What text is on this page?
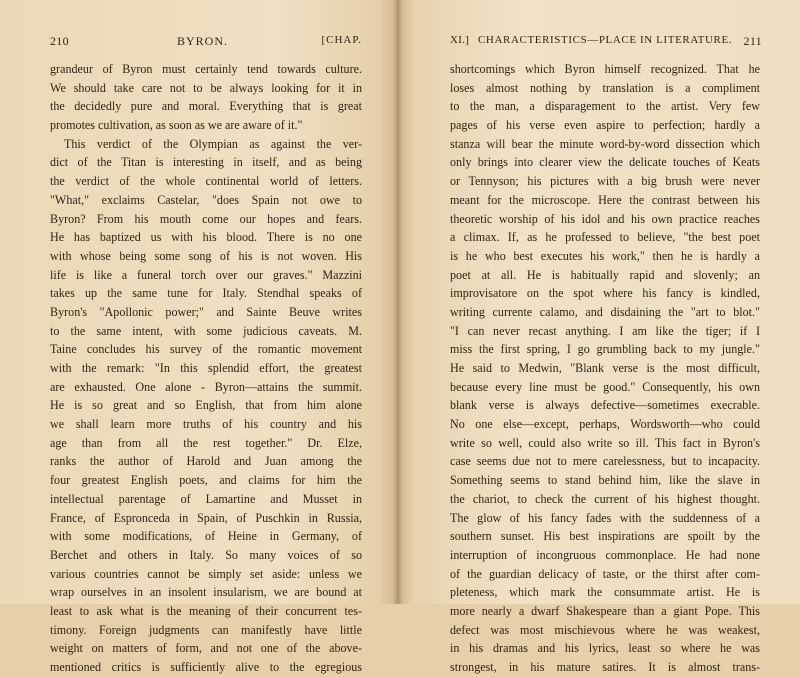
210	BYRON.	[CHAP.
grandeur of Byron must certainly tend towards culture.
We should take care not to be always looking for it in
the decidedly pure and moral. Everything that is great
promotes cultivation, as soon as we are aware of it."
This verdict of the Olympian as against the ver-
dict of the Titan is interesting in itself, and as being
the verdict of the whole continental world of letters.
"What," exclaims Castelar, "does Spain not owe to
Byron? From his mouth come our hopes and fears.
He has baptized us with his blood. There is no one
with whose being some song of his is not woven. His
life is like a funeral torch over our graves." Mazzini
takes up the same tune for Italy. Stendhal speaks of
Byron's "Apollonic power;" and Sainte Beuve writes
to the same intent, with some judicious caveats. M.
Taine concludes his survey of the romantic movement
with the remark: "In this splendid effort, the greatest
are exhausted. One alone - Byron—attains the summit.
He is so great and so English, that from him alone
we shall learn more truths of his country and his
age than from all the rest together." Dr. Elze,
ranks the author of Harold and Juan among the
four greatest English poets, and claims for him the
intellectual parentage of Lamartine and Musset in
France, of Espronceda in Spain, of Puschkin in Russia,
with some modifications, of Heine in Germany, of
Berchet and others in Italy. So many voices of so
various countries cannot be simply set aside: unless we
wrap ourselves in an insolent insularism, we are bound at
least to ask what is the meaning of their concurrent tes-
timony. Foreign judgments can manifestly have little
weight on matters of form, and not one of the above-
mentioned critics is sufficiently alive to the egregious
XI.] CHARACTERISTICS—PLACE IN LITERATURE. 211
shortcomings which Byron himself recognized. That he
loses almost nothing by translation is a compliment
to the man, a disparagement to the artist. Very few
pages of his verse even aspire to perfection; hardly a
stanza will bear the minute word-by-word dissection which
only brings into clearer view the delicate touches of Keats
or Tennyson; his pictures with a big brush were never
meant for the microscope. Here the contrast between his
theoretic worship of his idol and his own practice reaches
a climax. If, as he professed to believe, "the best poet
is he who best executes his work," then he is hardly a
poet at all. He is habitually rapid and slovenly; an
improvisatore on the spot where his fancy is kindled,
writing currente calamo, and disdaining the "art to blot."
"I can never recast anything. I am like the tiger; if I
miss the first spring, I go grumbling back to my jungle."
He said to Medwin, "Blank verse is the most difficult,
because every line must be good." Consequently, his own
blank verse is always defective—sometimes execrable.
No one else—except, perhaps, Wordsworth—who could
write so well, could also write so ill. This fact in Byron's
case seems due not to mere carelessness, but to incapacity.
Something seems to stand behind him, like the slave in
the chariot, to check the current of his highest thought.
The glow of his fancy fades with the suddenness of a
southern sunset. His best inspirations are spoilt by the
interruption of incongruous commonplace. He had none
of the guardian delicacy of taste, or the thirst after com-
pleteness, which mark the consummate artist. He is
more nearly a dwarf Shakespeare than a giant Pope. This
defect was most mischievous where he was weakest,
in his dramas and his lyrics, least so where he was
strongest, in his mature satires. It is almost trans-
